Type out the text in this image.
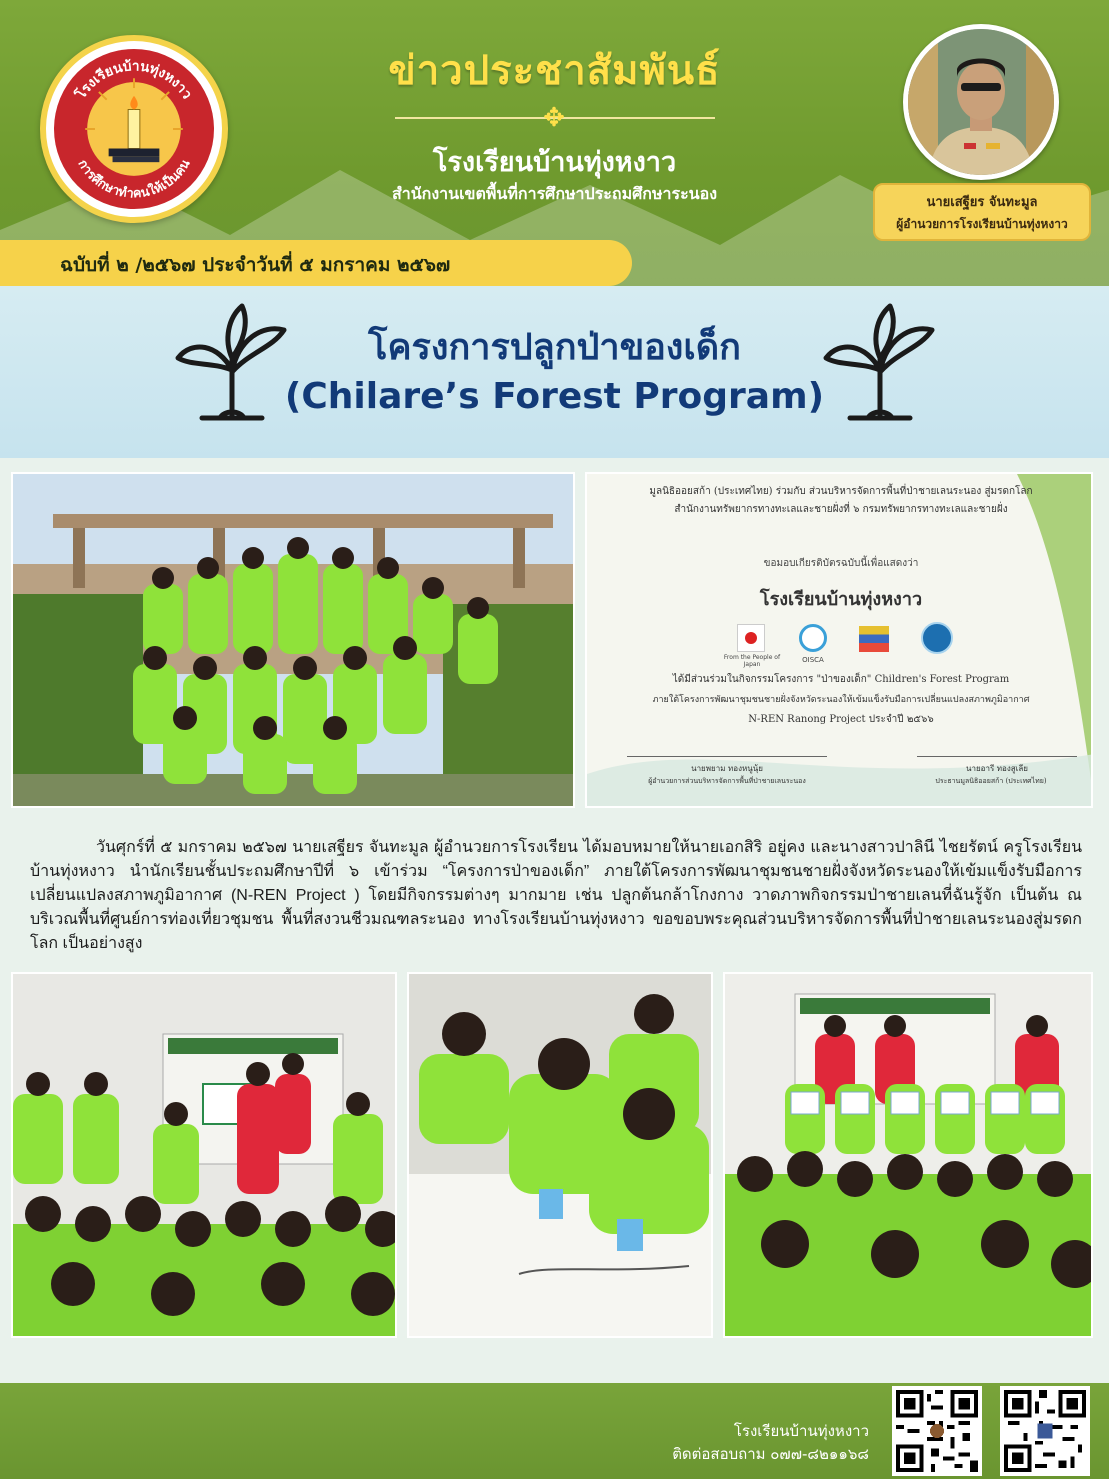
โรงเรียนบ้านทุ่งหงาว
การศึกษาทำคนให้เป็นคน
ข่าวประชาสัมพันธ์
✥
โรงเรียนบ้านทุ่งหงาว
สำนักงานเขตพื้นที่การศึกษาประถมศึกษาระนอง	นายเสฐียร จันทะมูล
ผู้อำนวยการโรงเรียนบ้านทุ่งหงาว
ฉบับที่ ๒ /๒๕๖๗ ประจำวันที่ ๕ มกราคม ๒๕๖๗
โครงการปลูกป่าของเด็ก
(Chilare’s Forest Program)
มูลนิธิออยสก้า (ประเทศไทย) ร่วมกับ ส่วนบริหารจัดการพื้นที่ป่าชายเลนระนอง สู่มรดกโลก
สำนักงานทรัพยากรทางทะเลและชายฝั่งที่ ๖ กรมทรัพยากรทางทะเลและชายฝั่ง
ขอมอบเกียรติบัตรฉบับนี้เพื่อแสดงว่า
โรงเรียนบ้านทุ่งหงาว
From the People of Japan
OISCA
ได้มีส่วนร่วมในกิจกรรมโครงการ "ป่าของเด็ก" Children's Forest Program
ภายใต้โครงการพัฒนาชุมชนชายฝั่งจังหวัดระนองให้เข้มแข็งรับมือการเปลี่ยนแปลงสภาพภูมิอากาศ
N-REN Ranong Project ประจำปี ๒๕๖๖
นายพยาม ทองหนูนุ้ย
ผู้อำนวยการส่วนบริหารจัดการพื้นที่ป่าชายเลนระนอง
นายอารี ทองสูเลีย
ประธานมูลนิธิออยสก้า (ประเทศไทย)
วันศุกร์ที่ ๕ มกราคม ๒๕๖๗ นายเสฐียร จันทะมูล ผู้อำนวยการโรงเรียน ได้มอบหมายให้นายเอกสิริ อยู่คง และนางสาวปาลินี ไชยรัตน์ ครูโรงเรียนบ้านทุ่งหงาว นำนักเรียนชั้นประถมศึกษาปีที่ ๖ เข้าร่วม “โครงการป่าของเด็ก” ภายใต้โครงการพัฒนาชุมชนชายฝั่งจังหวัดระนองให้เข้มแข็งรับมือการเปลี่ยนแปลงสภาพภูมิอากาศ (N-REN Project ) โดยมีกิจกรรมต่างๆ มากมาย เช่น ปลูกต้นกล้าโกงกาง วาดภาพกิจกรรมป่าชายเลนที่ฉันรู้จัก เป็นต้น ณ บริเวณพื้นที่ศูนย์การท่องเที่ยวชุมชน พื้นที่สงวนชีวมณฑลระนอง ทางโรงเรียนบ้านทุ่งหงาว ขอขอบพระคุณส่วนบริหารจัดการพื้นที่ป่าชายเลนระนองสู่มรดกโลก เป็นอย่างสูง
โรงเรียนบ้านทุ่งหงาว
ติดต่อสอบถาม ๐๗๗-๘๒๑๑๖๘
